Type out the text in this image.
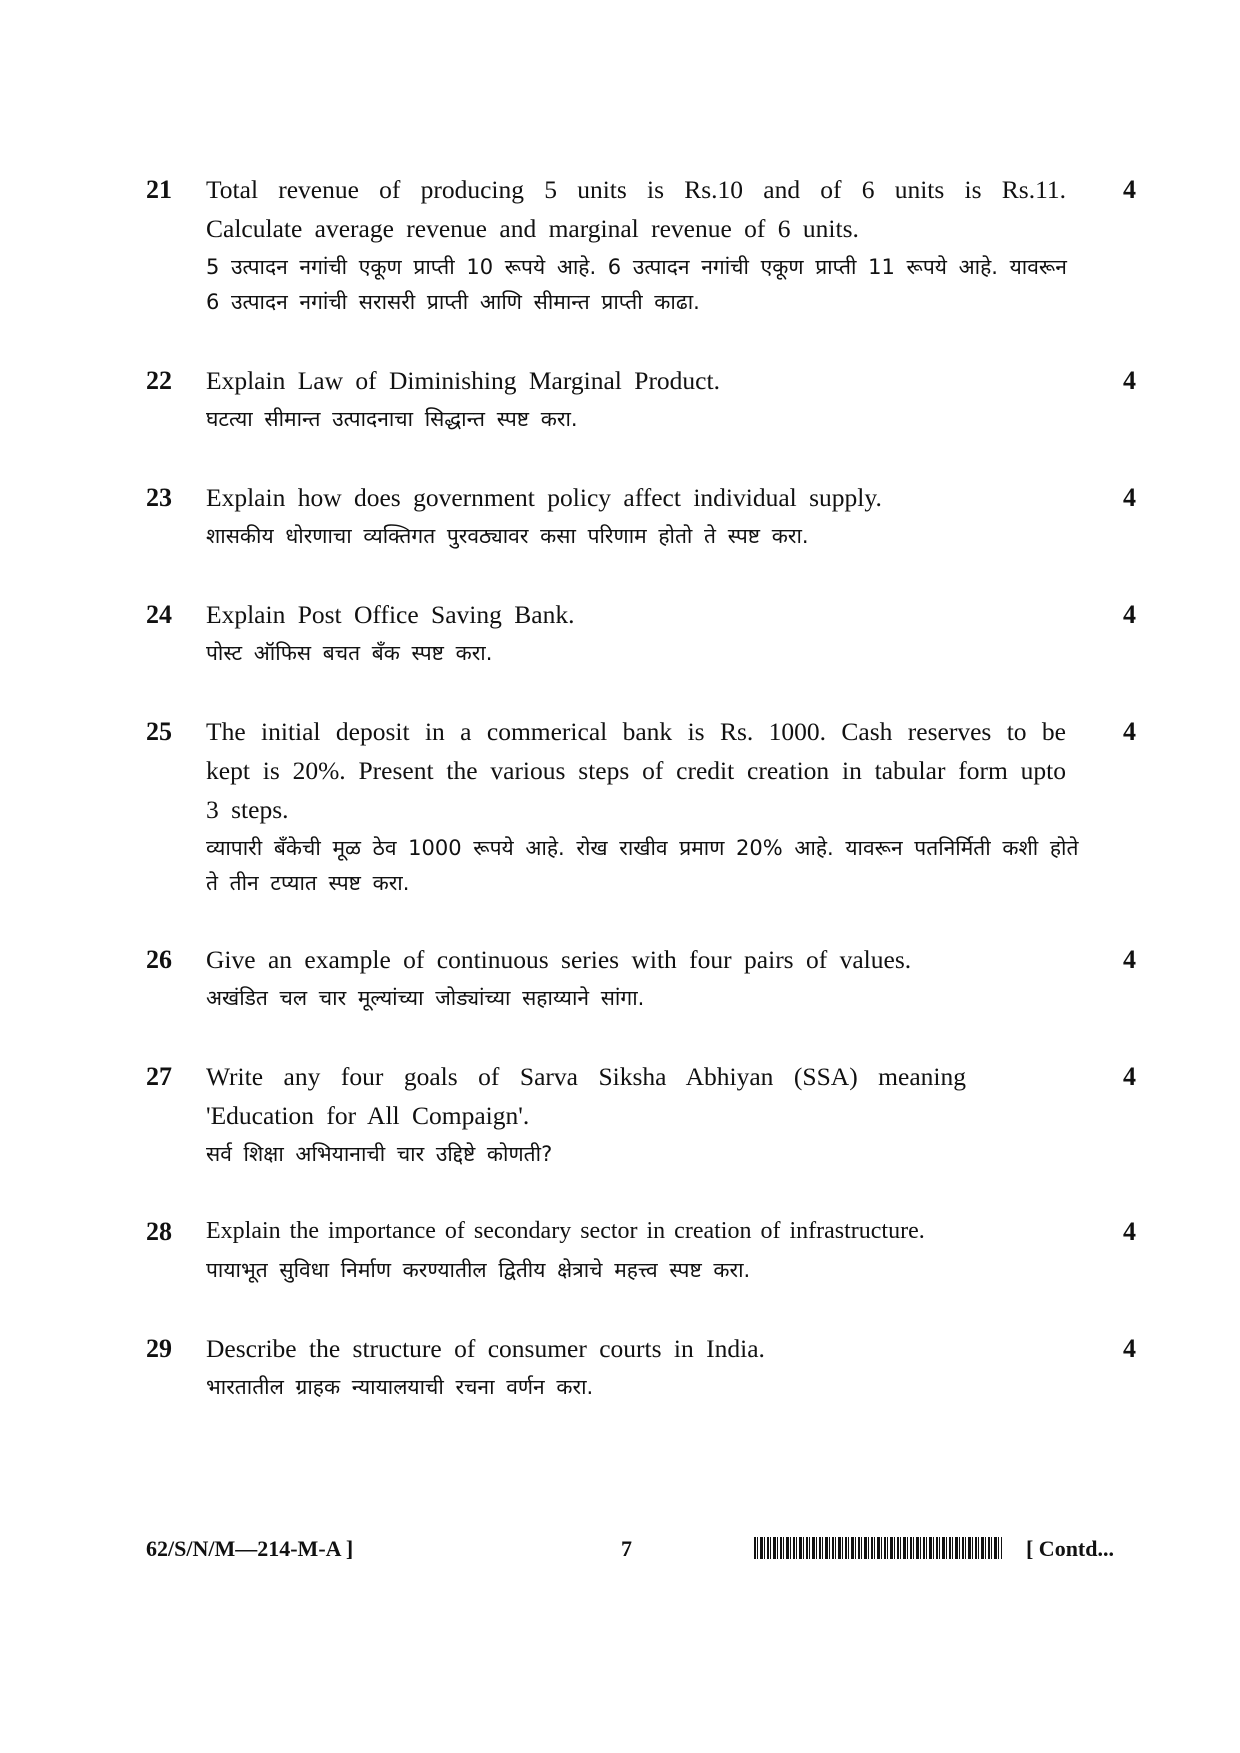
21 Total revenue of producing 5 units is Rs.10 and of 6 units is Rs.11. Calculate average revenue and marginal revenue of 6 units.
5 उत्पादन नगांची एकूण प्राप्ती 10 रूपये आहे. 6 उत्पादन नगांची एकूण प्राप्ती 11 रूपये आहे. यावरून 6 उत्पादन नगांची सरासरी प्राप्ती आणि सीमान्त प्राप्ती काढा.
4
22 Explain Law of Diminishing Marginal Product.
घटत्या सीमान्त उत्पादनाचा सिद्धान्त स्पष्ट करा.
4
23 Explain how does government policy affect individual supply.
शासकीय धोरणाचा व्यक्तिगत पुरवठ्यावर कसा परिणाम होतो ते स्पष्ट करा.
4
24 Explain Post Office Saving Bank.
पोस्ट ऑफिस बचत बॅंक स्पष्ट करा.
4
25 The initial deposit in a commerical bank is Rs. 1000. Cash reserves to be kept is 20%. Present the various steps of credit creation in tabular form upto 3 steps.
व्यापारी बॅंकेची मूळ ठेव 1000 रूपये आहे. रोख राखीव प्रमाण 20% आहे. यावरून पतनिर्मिती कशी होते ते तीन टप्यात स्पष्ट करा.
4
26 Give an example of continuous series with four pairs of values.
अखंडित चल चार मूल्यांच्या जोड्यांच्या सहाय्याने सांगा.
4
27 Write any four goals of Sarva Siksha Abhiyan (SSA) meaning 'Education for All Compaign'.
सर्व शिक्षा अभियानाची चार उद्दिष्टे कोणती?
4
28 Explain the importance of secondary sector in creation of infrastructure.
पायाभूत सुविधा निर्माण करण्यातील द्वितीय क्षेत्राचे महत्त्व स्पष्ट करा.
4
29 Describe the structure of consumer courts in India.
भारतातील ग्राहक न्यायालयाची रचना वर्णन करा.
4
62/S/N/M—214-M-A ]	7	[ Contd...
